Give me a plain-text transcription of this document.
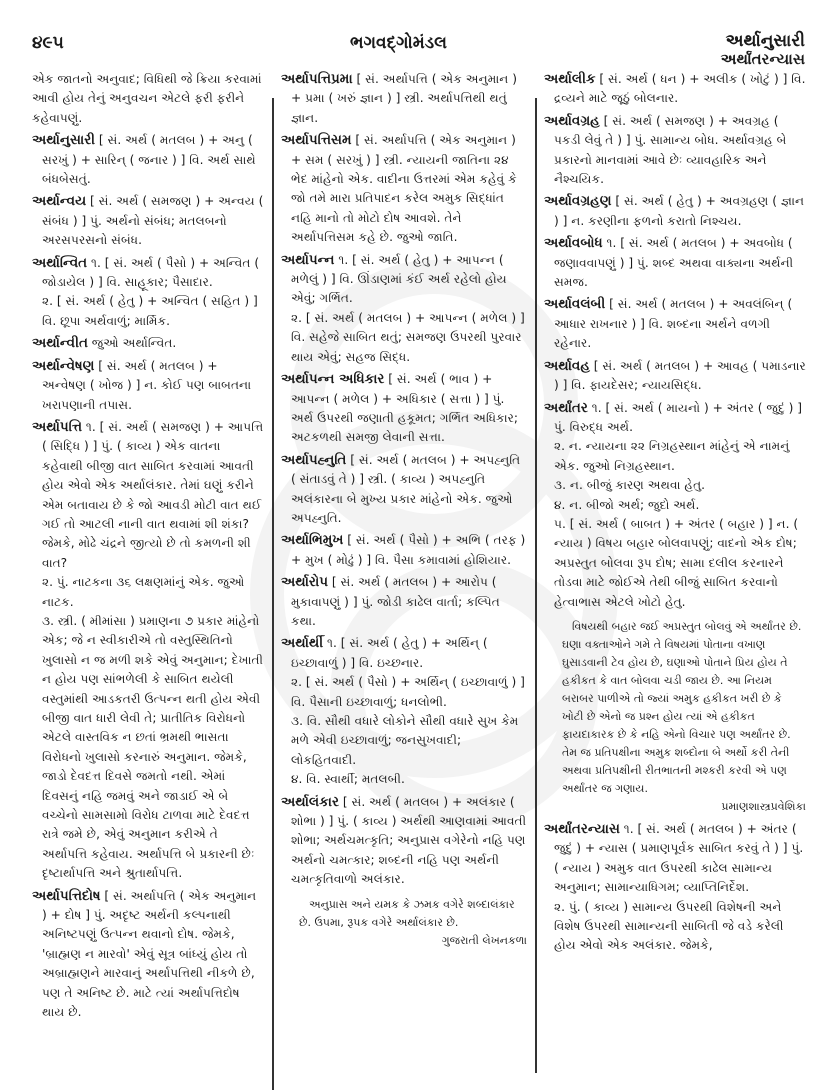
૪૯૫	ભગવદ્ગોમંડલ	અર્થાનુસારી
અર્થાંતરન્યાસ

એક જાતનો અનુવાદ; વિધિથી જે ક્રિયા કરવામાં આવી હોય તેનું અનુવચન એટલે ફરી ફરીને કહેવાપણું.

અર્થાનુસારી [ સં. અર્થ ( મતલબ ) + અનુ ( સરખું ) + સારિન્ ( જનાર ) ] વિ. અર્થ સાથે બંધબેસતું.

અર્થાન્વય [ સં. અર્થ ( સમજણ ) + અન્વય ( સંબંધ ) ] પું. અર્થનો સંબંધ; મતલબનો અરસપરસનો સંબંધ.

અર્થાન્વિત ૧. [ સં. અર્થ ( પૈસો ) + અન્વિત ( જોડાયેલ ) ] વિ. સાહૂકાર; પૈસાદાર.
૨. [ સં. અર્થ ( હેતુ ) + અન્વિત ( સહિત ) ] વિ. છૂપા અર્થવાળું; માર્મિક.

અર્થાન્વીત જુઓ અર્થાન્વિત.

અર્થાન્વેષણ [ સં. અર્થ ( મતલબ ) + અન્વેષણ ( ખોજ ) ] ન. કોઈ પણ બાબતના ખરાપણાની તપાસ.

અર્થાપત્તિ ૧. [ સં. અર્થ ( સમજણ ) + આપત્તિ ( સિદ્ધિ ) ] પું. ( કાવ્ય ) એક વાતના કહેવાથી બીજી વાત સાબિત કરવામાં આવતી હોય એવો એક અર્થાલંકાર. તેમાં ઘણું કરીને એમ બતાવાય છે કે જો આવડી મોટી વાત થઈ ગઈ તો આટલી નાની વાત થવામાં શી શંકા? જેમકે, મોઢે ચંદ્રને જીત્યો છે તો કમળની શી વાત?
૨. પું. નાટકના ૩૬ લક્ષણમાંનું એક. જુઓ નાટક.
૩. સ્ત્રી. ( મીમાંસા ) પ્રમાણના ૭ પ્રકાર માંહેનો એક; જે ન સ્વીકારીએ તો વસ્તુસ્થિતિનો ખુલાસો ન જ મળી શકે એવું અનુમાન; દેખાતી ન હોય પણ સાંભળેલી કે સાબિત થયેલી વસ્તુમાંથી આડકતરી ઉત્પન્ન થતી હોય એવી બીજી વાત ધારી લેવી તે; પ્રાતીતિક વિરોધનો એટલે વાસ્તવિક ન છતાં ભ્રમથી ભાસતા વિરોધનો ખુલાસો કરનારું અનુમાન. જેમકે, જાડો દેવદત્ત દિવસે જમતો નથી. એમાં દિવસનું નહિ જમવું અને જાડાઈ એ બે વચ્ચેનો સામસામો વિરોધ ટાળવા માટે દેવદત્ત રાત્રે જમે છે, એવું અનુમાન કરીએ તે અર્થાપત્તિ કહેવાય. અર્થાપત્તિ બે પ્રકારની છેઃ દૃષ્ટાર્થાપત્તિ અને શ્રુતાર્થાપત્તિ.

અર્થાપત્તિદોષ [ સં. અર્થાપત્તિ ( એક અનુમાન ) + દોષ ] પું. અદૃષ્ટ અર્થની કલ્પનાથી અનિષ્ટપણું ઉત્પન્ન થવાનો દોષ. જેમકે, 'બ્રાહ્મણ ન મારવો' એવું સૂત્ર બાંધ્યું હોય તો અબ્રાહ્મણને મારવાનું અર્થાપત્તિથી નીકળે છે, પણ તે અનિષ્ટ છે. માટે ત્યાં અર્થાપત્તિદોષ થાય છે.

અર્થાપત્તિપ્રમા [ સં. અર્થાપત્તિ ( એક અનુમાન ) + પ્રમા ( ખરું જ્ઞાન ) ] સ્ત્રી. અર્થાપત્તિથી થતું જ્ઞાન.

અર્થાપત્તિસમ [ સં. અર્થાપત્તિ ( એક અનુમાન ) + સમ ( સરખું ) ] સ્ત્રી. ન્યાયની જાતિના ૨૪ ભેદ માંહેનો એક. વાદીના ઉત્તરમાં એમ કહેવું કે જો તમે મારા પ્રતિપાદન કરેલ અમુક સિદ્ધાંત નહિ માનો તો મોટો દોષ આવશે. તેને અર્થાપત્તિસમ કહે છે. જુઓ જાતિ.

અર્થાપન્ન ૧. [ સં. અર્થ ( હેતુ ) + આપન્ન ( મળેલું ) ] વિ. ઊંડાણમાં કંઈ અર્થ રહેલો હોય એવું; ગર્ભિત.
૨. [ સં. અર્થ ( મતલબ ) + આપન્ન ( મળેલ ) ] વિ. સહેજે સાબિત થતું; સમજણ ઉપરથી પુરવાર થાય એવું; સહજ સિદ્ધ.

અર્થાપન્ન અધિકાર [ સં. અર્થ ( ભાવ ) + આપન્ન ( મળેલ ) + અધિકાર ( સત્તા ) ] પું. અર્થ ઉપરથી જણાતી હકૂમત; ગર્ભિત અધિકાર; અટકળથી સમજી લેવાની સત્તા.

અર્થાપહ્નુતિ [ સં. અર્થ ( મતલબ ) + અપહ્નુતિ ( સંતાડવું તે ) ] સ્ત્રી. ( કાવ્ય ) અપહ્નુતિ અલંકારના બે મુખ્ય પ્રકાર માંહેનો એક. જુઓ અપહ્નુતિ.

અર્થાભિમુખ [ સં. અર્થ ( પૈસો ) + અભિ ( તરફ ) + મુખ ( મોઢું ) ] વિ. પૈસા કમાવામાં હોશિયાર.

અર્થારોપ [ સં. અર્થ ( મતલબ ) + આરોપ ( મુકાવાપણું ) ] પું. જોડી કાઢેલ વાર્તા; કલ્પિત કથા.

અર્થાર્થી ૧. [ સં. અર્થ ( હેતુ ) + અર્થિન્ ( ઇચ્છાવાળું ) ] વિ. ઇચ્છનાર.
૨. [ સં. અર્થ ( પૈસો ) + અર્થિન્ ( ઇચ્છાવાળું ) ] વિ. પૈસાની ઇચ્છાવાળું; ધનલોભી.
૩. વિ. સૌથી વધારે લોકોને સૌથી વધારે સુખ કેમ મળે એવી ઇચ્છાવાળું; જનસુખવાદી; લોકહિતવાદી.
૪. વિ. સ્વાર્થી; મતલબી.

અર્થાલંકાર [ સં. અર્થ ( મતલબ ) + અલંકાર ( શોભા ) ] પું. ( કાવ્ય ) અર્થથી આણવામાં આવતી શોભા; અર્થચમત્કૃતિ; અનુપ્રાસ વગેરેનો નહિ પણ અર્થનો ચમત્કાર; શબ્દની નહિ પણ અર્થની ચમત્કૃતિવાળો અલંકાર.

અનુપ્રાસ અને યમક કે ઝમક વગેરે શબ્દાલંકાર છે. ઉપમા, રૂપક વગેરે અર્થાલંકાર છે.
ગુજરાતી લેખનકળા

અર્થાલીક [ સં. અર્થ ( ધન ) + અલીક ( ખોટું ) ] વિ. દ્રવ્યને માટે જૂઠું બોલનાર.

અર્થાવગ્રહ [ સં. અર્થ ( સમજણ ) + અવગ્રહ ( પકડી લેવું તે ) ] પું. સામાન્ય બોધ. અર્થાવગ્રહ બે પ્રકારનો માનવામાં આવે છેઃ વ્યાવહારિક અને નૈશ્ચયિક.

અર્થાવગ્રહણ [ સં. અર્થ ( હેતુ ) + અવગ્રહણ ( જ્ઞાન ) ] ન. કરણીના ફળનો કરાતો નિશ્ચય.

અર્થાવબોધ ૧. [ સં. અર્થ ( મતલબ ) + અવબોધ ( જણાવવાપણું ) ] પું. શબ્દ અથવા વાક્યના અર્થની સમજ.

અર્થાવલંબી [ સં. અર્થ ( મતલબ ) + અવલંબિન્ ( આધાર રાખનાર ) ] વિ. શબ્દના અર્થને વળગી રહેનાર.

અર્થાવહ [ સં. અર્થ ( મતલબ ) + આવહ ( પમાડનાર ) ] વિ. ફાયદેસર; ન્યાયસિદ્ધ.

અર્થાંતર ૧. [ સં. અર્થ ( માયનો ) + અંતર ( જુદું ) ] પું. વિરુદ્ધ અર્થ.
૨. ન. ન્યાયના ૨૨ નિગ્રહસ્થાન માંહેનું એ નામનું એક. જુઓ નિગ્રહસ્થાન.
૩. ન. બીજું કારણ અથવા હેતુ.
૪. ન. બીજો અર્થ; જુદો અર્થ.
૫. [ સં. અર્થ ( બાબત ) + અંતર ( બહાર ) ] ન. ( ન્યાય ) વિષય બહાર બોલવાપણું; વાદનો એક દોષ; અપ્રસ્તુત બોલવા રૂપ દોષ; સામા દલીલ કરનારને તોડવા માટે જોઈએ તેથી બીજું સાબિત કરવાનો હેત્વાભાસ એટલે ખોટો હેતુ.

વિષયથી બહાર જઈ અપ્રસ્તુત બોલવું એ અર્થાંતર છે. ઘણા વક્તાઓને ગમે તે વિષયમાં પોતાના વખાણ ઘુસાડવાની ટેવ હોય છે, ઘણાઓ પોતાને પ્રિય હોય તે હકીકત કે વાત બોલવા ચડી જાય છે. આ નિયમ બરાબર પાળીએ તો જ્યાં અમુક હકીકત ખરી છે કે ખોટી છે એનો જ પ્રશ્ન હોય ત્યાં એ હકીકત ફાયદાકારક છે કે નહિ એનો વિચાર પણ અર્થાંતર છે. તેમ જ પ્રતિપક્ષીના અમુક શબ્દોના બે અર્થો કરી તેની અથવા પ્રતિપક્ષીની રીતભાતની મશ્કરી કરવી એ પણ અર્થાંતર જ ગણાય.
પ્રમાણશાસ્ત્રપ્રવેશિકા

અર્થાંતરન્યાસ ૧. [ સં. અર્થ ( મતલબ ) + અંતર ( જુદું ) + ન્યાસ ( પ્રમાણપૂર્વક સાબિત કરવું તે ) ] પું. ( ન્યાય ) અમુક વાત ઉપરથી કાઢેલ સામાન્ય અનુમાન; સામાન્યાધિગમ; વ્યાપ્તિનિર્દેશ.
૨. પું. ( કાવ્ય ) સામાન્ય ઉપરથી વિશેષની અને વિશેષ ઉપરથી સામાન્યની સાબિતી જે વડે કરેલી હોય એવો એક અલંકાર. જેમકે,
